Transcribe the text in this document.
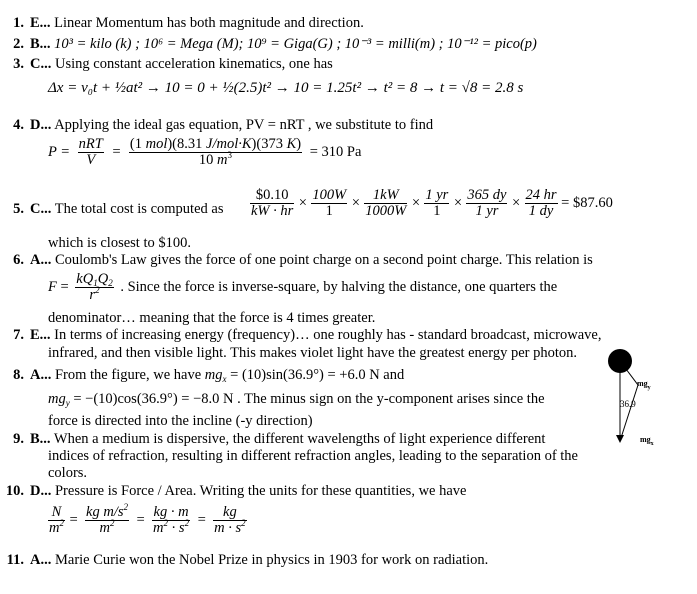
1. E... Linear Momentum has both magnitude and direction.
2. B... 10³ = kilo (k) ; 10⁶ = Mega (M); 10⁹ = Giga(G) ; 10⁻³ = milli(m) ; 10⁻¹² = pico(p)
3. C... Using constant acceleration kinematics, one has
Δx = v₀t + ½at² → 10 = 0 + ½(2.5)t² → 10 = 1.25t² → t² = 8 → t = √8 = 2.8 s
4. D... Applying the ideal gas equation, PV = nRT , we substitute to find
$P = \frac{\text{nRT}}{V} = \frac{\text{(1 mol)(8.31 J/mol·K)(373 K)}}{10 m^3} = 310$ Pa
5. C... The total cost is computed as $\frac{\$0.10}{kW \cdot hr} \times \frac{100W}{1} \times \frac{1kW}{1000W} \times \frac{1 yr}{1} \times \frac{365 dy}{1 yr} \times \frac{24 hr}{1 dy}$ = $87.60
which is closest to $100.
6. A... Coulomb's Law gives the force of one point charge on a second point charge. This relation is
$F = \frac{kQ_1Q_2}{r^2}$ . Since the force is inverse-square, by halving the distance, one quarters the
denominator… meaning that the force is 4 times greater.
7. E... In terms of increasing energy (frequency)… one roughly has - standard broadcast, microwave,
infrared, and then visible light. This makes violet light have the greatest energy per photon.
8. A... From the figure, we have $mg_x = (10)\sin(36.9^\circ) = +6.0$ N and
$mg_y = -(10)\cos(36.9^\circ) = -8.0$ N . The minus sign on the y-component arises since the
force is directed into the incline (-y direction)
9. B... When a medium is dispersive, the different wavelengths of light experience different
indices of refraction, resulting in different refraction angles, leading to the separation of the
colors.
10. D... Pressure is Force / Area. Writing the units for these quantities, we have
$\frac{N}{m^2} = \frac{kg m/s^2}{m^2} = \frac{kg \cdot m}{m^2 \cdot s^2} = \frac{kg}{m \cdot s^2}$
11. A... Marie Curie won the Nobel Prize in physics in 1903 for work on radiation.
36.9
$mg_y$
$mg_x$
